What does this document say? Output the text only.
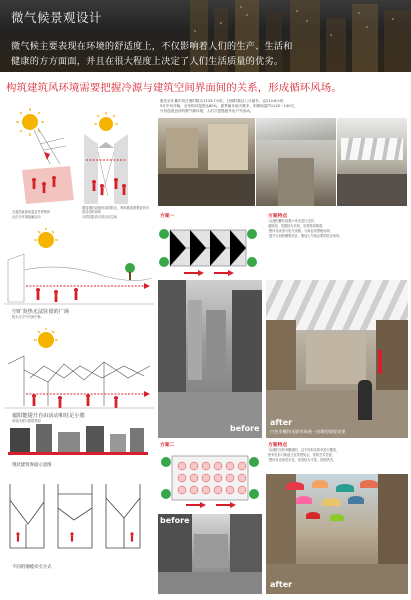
微气候景观设计
微气候主要表现在环境的舒适度上，不仅影响着人们的生产、生活和
健康的方方面面，并且在很大程度上决定了人们生活质量的优劣。
构筑建筑风环境需要把握冷源与建筑空间界面间的关系，形成循环风场。
无遮挡直射高温宜外界物体
无法与环境接触活动
增加遮阳设施形成阴影区，利用微害景观营造可供活动的场所
可供阴影高大的活动空间
空旷炎热无法驻留的广场
阳光与空气对流不畅
遮阳能提升自由活动和驻足小憩
形成冷源与建筑界面
现状建筑界面示意图
不同的钢缆牵引方式
重庆全年累年均日照时数为1233.7小时，日照时数以八月最多，达210.6小时，
5月中旬开始，全年相对湿度达80%，夏季最多雨天数多，年降雨量约1120～140天，
只有创造良好的微气候环境，人们才更愿意外出户外活动。
方案一	方案特点
·以遮阳棚布加强小米光进行交织，
遮阳面，发掘较为充裕，光照得到削弱，
·整体布设形与电气线路，与商业氛围相协调，
·提升空间的聚集效应，增加人气和必要的驻足场所。
before
after
白色伞膜和光影形成统一协调的视觉效果
方案二	方案特点
·以遮阳交织伞棚遮阳，以不同形态的伞进行覆盖，
使伞色彩与街道文化氛围契合，美观艺术性强，
·整体布态视觉多变，营造较为丰富，氛围热烈。
before
after
